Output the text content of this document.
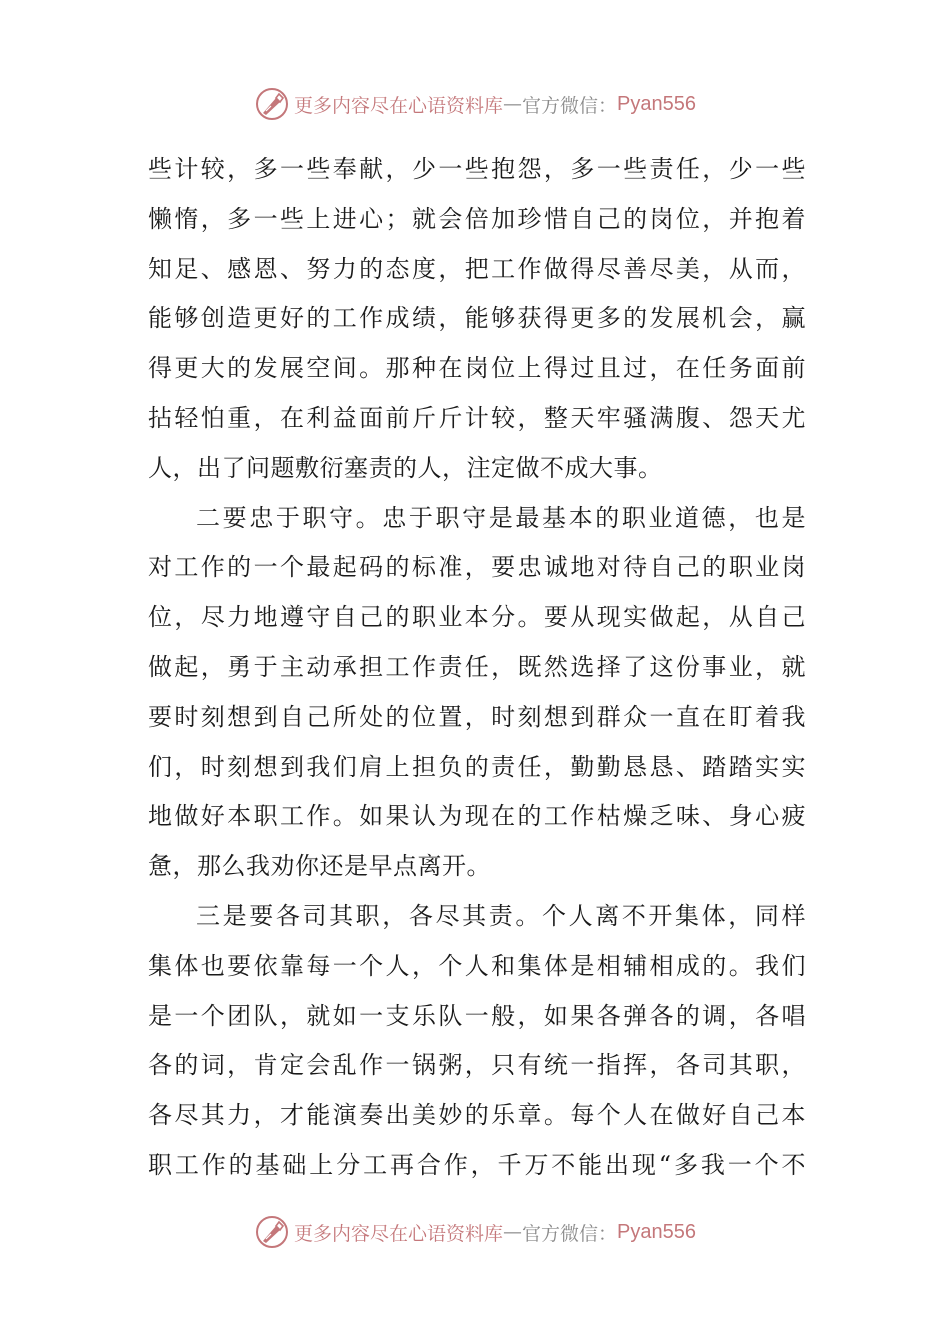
更多内容尽在心语资料库 — 官方微信： Pyan556
些计较，多一些奉献，少一些抱怨，多一些责任，少一些
懒惰，多一些上进心；就会倍加珍惜自己的岗位，并抱着
知足、感恩、努力的态度，把工作做得尽善尽美，从而，
能够创造更好的工作成绩，能够获得更多的发展机会，赢
得更大的发展空间。那种在岗位上得过且过，在任务面前
拈轻怕重，在利益面前斤斤计较，整天牢骚满腹、怨天尤
人，出了问题敷衍塞责的人，注定做不成大事。
二要忠于职守。忠于职守是最基本的职业道德，也是
对工作的一个最起码的标准，要忠诚地对待自己的职业岗
位，尽力地遵守自己的职业本分。要从现实做起，从自己
做起，勇于主动承担工作责任，既然选择了这份事业，就
要时刻想到自己所处的位置，时刻想到群众一直在盯着我
们，时刻想到我们肩上担负的责任，勤勤恳恳、踏踏实实
地做好本职工作。如果认为现在的工作枯燥乏味、身心疲
惫，那么我劝你还是早点离开。
三是要各司其职，各尽其责。个人离不开集体，同样
集体也要依靠每一个人，个人和集体是相辅相成的。我们
是一个团队，就如一支乐队一般，如果各弹各的调，各唱
各的词，肯定会乱作一锅粥，只有统一指挥，各司其职，
各尽其力，才能演奏出美妙的乐章。每个人在做好自己本
职工作的基础上分工再合作，千万不能出现“多我一个不
更多内容尽在心语资料库 — 官方微信： Pyan556
